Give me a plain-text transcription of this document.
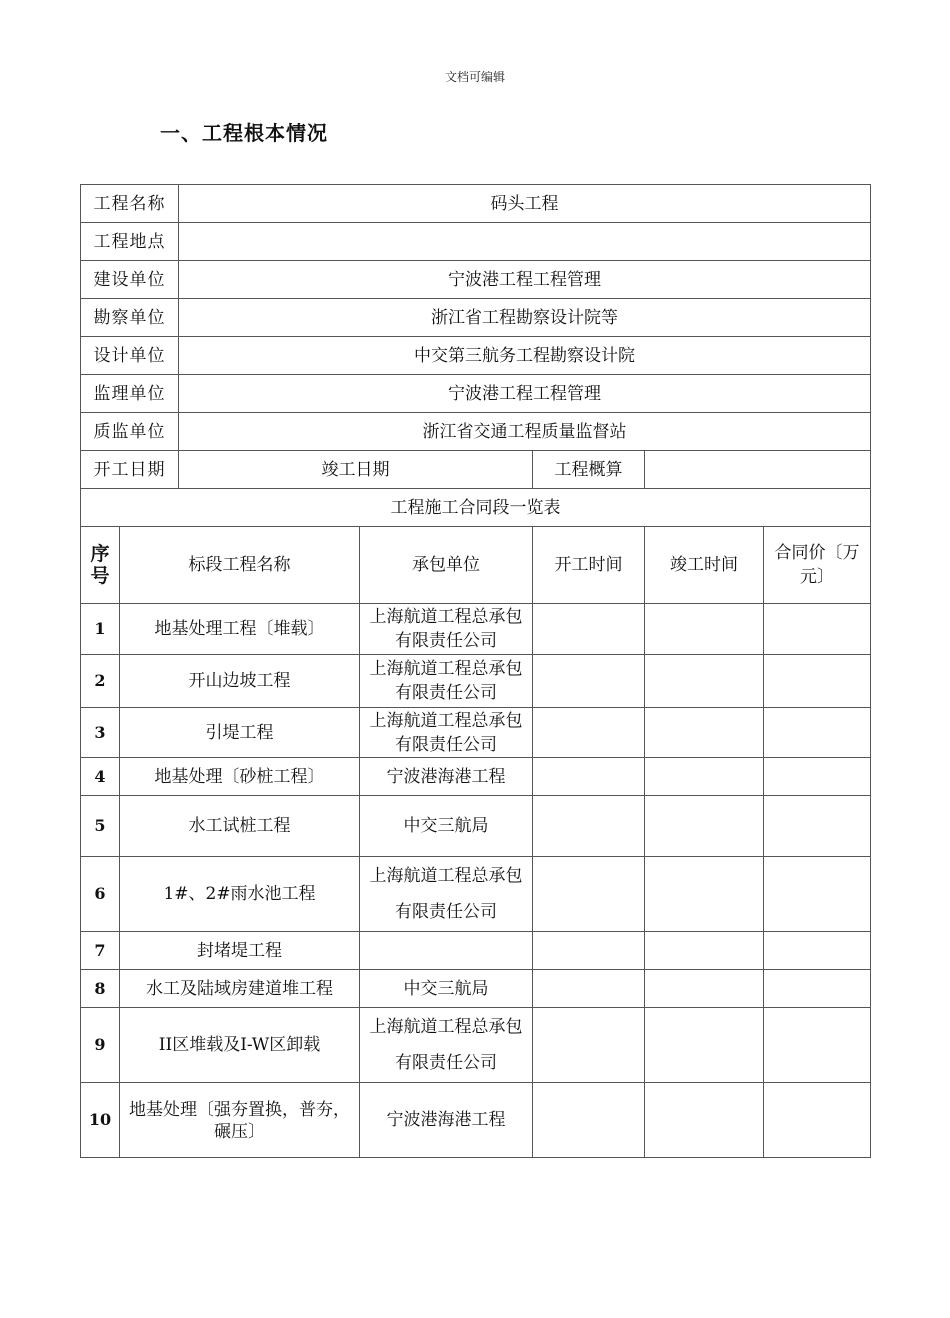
文档可编辑
一、工程根本情况
工程名称		码头工程				
工程地点						
建设单位		宁波港工程工程管理				
勘察单位		浙江省工程勘察设计院等				
设计单位		中交第三航务工程勘察设计院				
监理单位		宁波港工程工程管理				
质监单位		浙江省交通工程质量监督站				
开工日期		竣工日期		工程概算		
工程施工合同段一览表						
序号	标段工程名称		承包单位	开工时间	竣工时间	合同价〔万元〕
1	地基处理工程〔堆载〕		上海航道工程总承包有限责任公司			
2	开山边坡工程		上海航道工程总承包有限责任公司			
3	引堤工程		上海航道工程总承包有限责任公司			
4	地基处理〔砂桩工程〕		宁波港海港工程			
5	水工试桩工程		中交三航局			
6	1#、2#雨水池工程		上海航道工程总承包有限责任公司			
7	封堵堤工程					
8	水工及陆域房建道堆工程		中交三航局			
9	II区堆载及I-W区卸载		上海航道工程总承包有限责任公司			
10	地基处理〔强夯置换，普夯，碾压〕		宁波港海港工程			
